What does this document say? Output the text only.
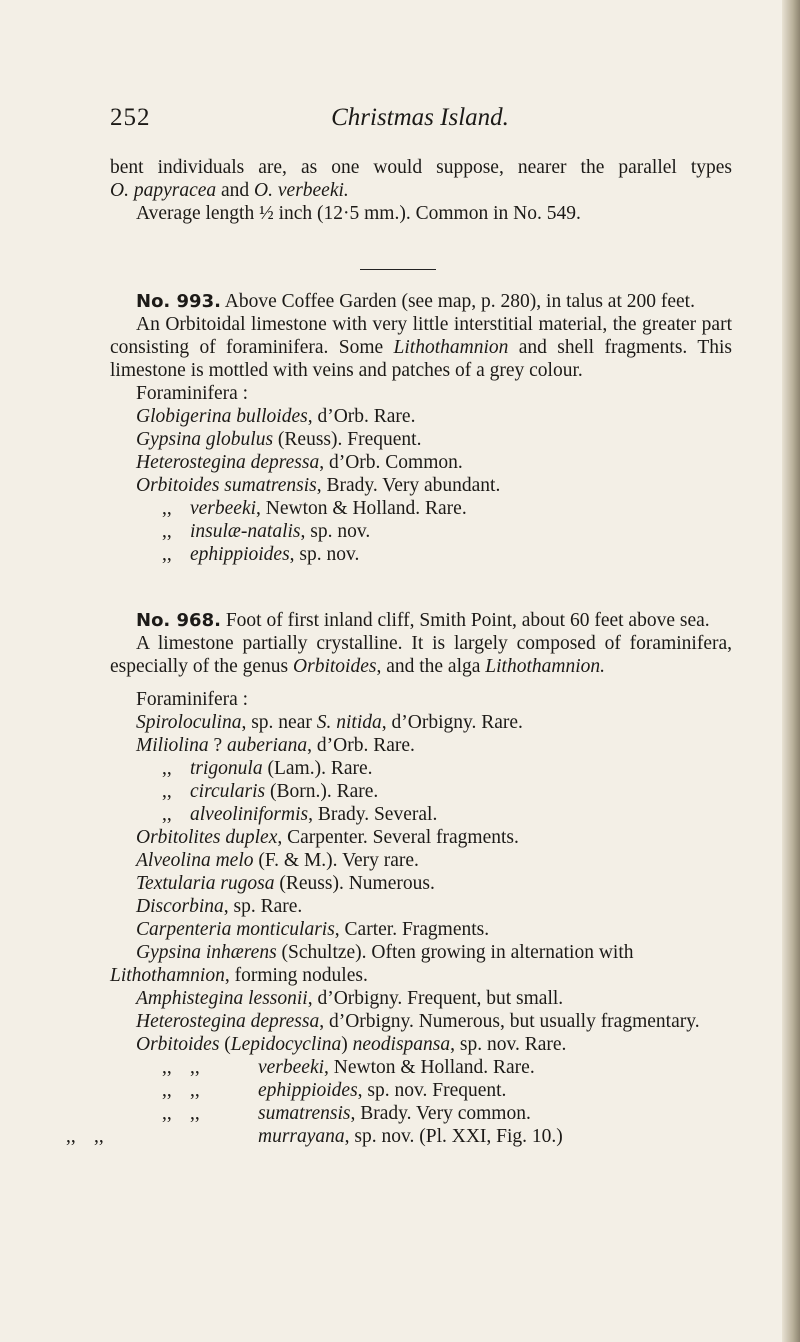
252	Christmas Island.

bent individuals are, as one would suppose, nearer the parallel types

O. papyracea and O. verbeeki.

Average length ½ inch (12·5 mm.). Common in No. 549.

No. 993. Above Coffee Garden (see map, p. 280), in talus at 200 feet.

An Orbitoidal limestone with very little interstitial material, the greater part consisting of foraminifera. Some Lithothamnion and shell fragments. This limestone is mottled with veins and patches of a grey colour.

Foraminifera :

Globigerina bulloides, d’Orb. Rare.

Gypsina globulus (Reuss). Frequent.

Heterostegina depressa, d’Orb. Common.

Orbitoides sumatrensis, Brady. Very abundant.

,, verbeeki, Newton & Holland. Rare.

,, insulæ-natalis, sp. nov.

,, ephippioides, sp. nov.

No. 968. Foot of first inland cliff, Smith Point, about 60 feet above sea.

A limestone partially crystalline. It is largely composed of foraminifera, especially of the genus Orbitoides, and the alga Lithothamnion.

Foraminifera :

Spiroloculina, sp. near S. nitida, d’Orbigny. Rare.

Miliolina ? auberiana, d’Orb. Rare.

,, trigonula (Lam.). Rare.

,, circularis (Born.). Rare.

,, alveoliniformis, Brady. Several.

Orbitolites duplex, Carpenter. Several fragments.

Alveolina melo (F. & M.). Very rare.

Textularia rugosa (Reuss). Numerous.

Discorbina, sp. Rare.

Carpenteria monticularis, Carter. Fragments.

Gypsina inhærens (Schultze). Often growing in alternation with

Lithothamnion, forming nodules.

Amphistegina lessonii, d’Orbigny. Frequent, but small.

Heterostegina depressa, d’Orbigny. Numerous, but usually fragmentary.

Orbitoides (Lepidocyclina) neodispansa, sp. nov. Rare.

,, ,,	verbeeki, Newton & Holland. Rare.

,, ,,	ephippioides, sp. nov. Frequent.

,, ,,	sumatrensis, Brady. Very common.

,, ,,	murrayana, sp. nov. (Pl. XXI, Fig. 10.)
